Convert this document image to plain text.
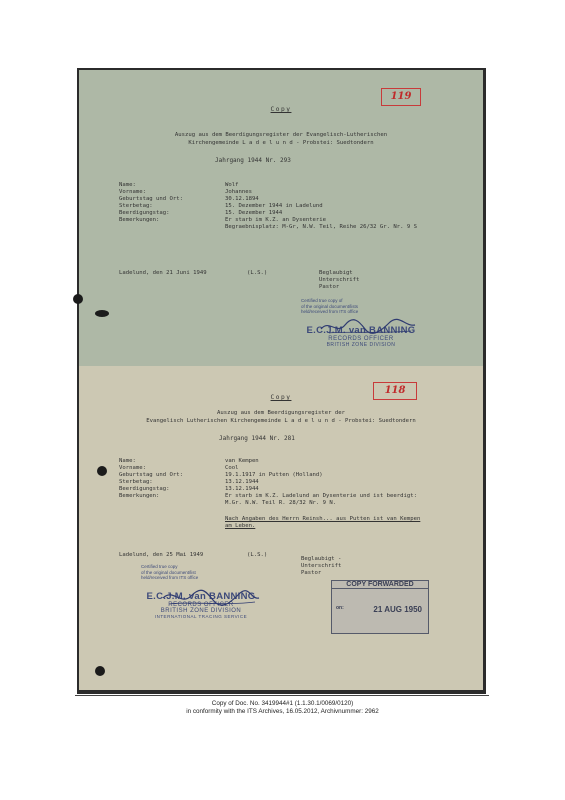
119
Copy
Auszug aus dem Beerdigungsregister der Evangelisch-Lutherischen
Kirchengemeinde L a d e l u n d - Probstei: Suedtondern
Jahrgang 1944 Nr. 293
Name:	Wolf
Vorname:	Johannes
Geburtstag und Ort:	30.12.1894
Sterbetag:	15. Dezember 1944 in Ladelund
Beerdigungstag:	15. Dezember 1944
Bemerkungen:	Er starb im K.Z. an Dysenterie
Begraebnisplatz: M-Gr, N.W. Teil, Reihe 26/32 Gr. Nr. 9 S
Ladelund, den 21 Juni 1949	(L.S.)	Beglaubigt
Unterschrift
Pastor
Certified true copy of
of the original document/lists
held/received from ITS office
E.C.J.M. van BANNING
RECORDS OFFICER
BRITISH ZONE DIVISION
118
Copy
Auszug aus dem Beerdigungsregister der
Evangelisch Lutherischen Kirchengemeinde L a d e l u n d - Probstei: Suedtondern
Jahrgang 1944 Nr. 281
Name:	van Kempen
Vorname:	Cool
Geburtstag und Ort:	19.1.1917 in Putten (Holland)
Sterbetag:	13.12.1944
Beerdigungstag:	13.12.1944
Bemerkungen:	Er starb im K.Z. Ladelund an Dysenterie und ist beerdigt:
M.Gr. N.W. Teil R. 28/32 Nr. 9 N.
Nach Angaben des Herrn Reinsh... aus Putten ist van Kempen
am Leben.
Ladelund, den 25 Mai 1949	(L.S.)
Beglaubigt -
Unterschrift
Pastor
Certified true copy
of the original document/list
held/received from ITS office
E.C.J.M. van BANNING
RECORDS OFFICER
BRITISH ZONE DIVISION
INTERNATIONAL TRACING SERVICE
COPY FORWARDED
on:	21 AUG 1950
Copy of Doc. No. 3419944#1 (1.1.30.1/0069/0120)
in conformity with the ITS Archives, 16.05.2012, Archivnummer: 2962
